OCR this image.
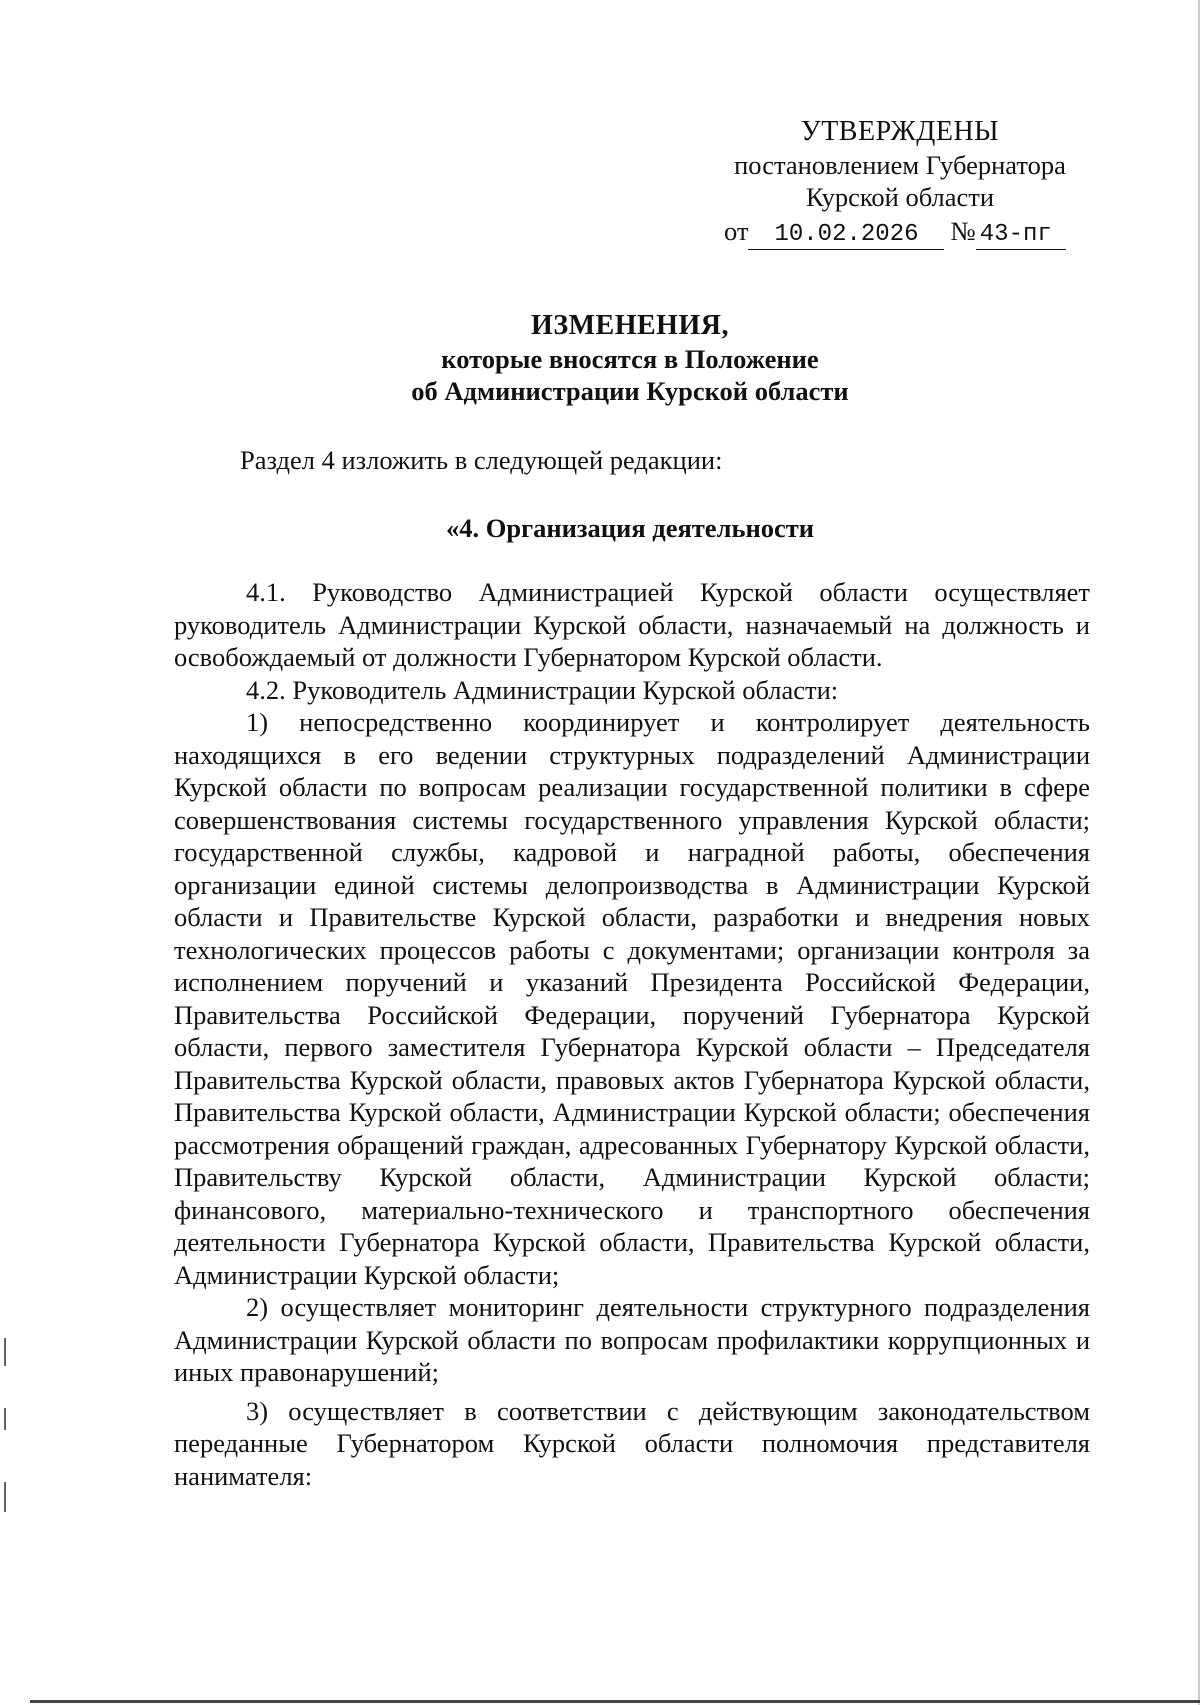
УТВЕРЖДЕНЫ
постановлением Губернатора
Курской области
от 10.02.2026 № 43-пг
ИЗМЕНЕНИЯ,
которые вносятся в Положение
об Администрации Курской области
Раздел 4 изложить в следующей редакции:
«4. Организация деятельности

4.1. Руководство Администрацией Курской области осуществляет руководитель Администрации Курской области, назначаемый на должность и освобождаемый от должности Губернатором Курской области.

4.2. Руководитель Администрации Курской области:

1) непосредственно координирует и контролирует деятельность находящихся в его ведении структурных подразделений Администрации Курской области по вопросам реализации государственной политики в сфере совершенствования системы государственного управления Курской области; государственной службы, кадровой и наградной работы, обеспечения организации единой системы делопроизводства в Администрации Курской области и Правительстве Курской области, разработки и внедрения новых технологических процессов работы с документами; организации контроля за исполнением поручений и указаний Президента Российской Федерации, Правительства Российской Федерации, поручений Губернатора Курской области, первого заместителя Губернатора Курской области – Председателя Правительства Курской области, правовых актов Губернатора Курской области, Правительства Курской области, Администрации Курской области; обеспечения рассмотрения обращений граждан, адресованных Губернатору Курской области, Правительству Курской области, Администрации Курской области; финансового, материально-технического и транспортного обеспечения деятельности Губернатора Курской области, Правительства Курской области, Администрации Курской области;

2) осуществляет мониторинг деятельности структурного подразделения Администрации Курской области по вопросам профилактики коррупционных и иных правонарушений;

3) осуществляет в соответствии с действующим законодательством переданные Губернатором Курской области полномочия представителя нанимателя:
